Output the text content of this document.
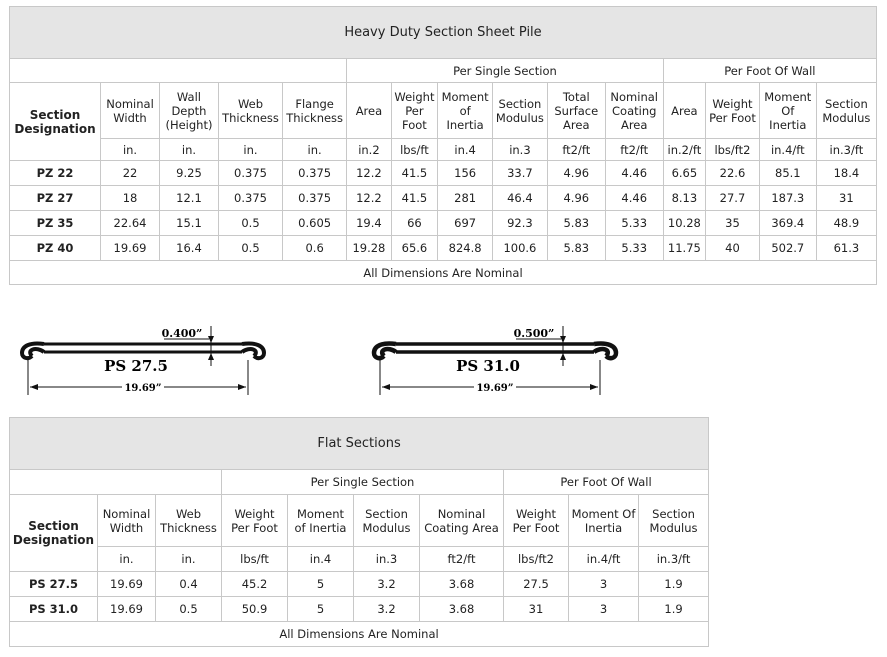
Heavy Duty Section Sheet Pile														
					Per Single Section						Per Foot Of Wall			
Section Designation	Nominal Width	Wall Depth (Height)	Web Thickness	Flange Thickness	Area	Weight Per Foot	Moment of Inertia	Section Modulus	Total Surface Area	Nominal Coating Area	Area	Weight Per Foot	Moment Of Inertia	Section Modulus
	in.	in.	in.	in.	in.2	lbs/ft	in.4	in.3	ft2/ft	ft2/ft	in.2/ft	lbs/ft2	in.4/ft	in.3/ft
PZ 22	22	9.25	0.375	0.375	12.2	41.5	156	33.7	4.96	4.46	6.65	22.6	85.1	18.4
PZ 27	18	12.1	0.375	0.375	12.2	41.5	281	46.4	4.96	4.46	8.13	27.7	187.3	31
PZ 35	22.64	15.1	0.5	0.605	19.4	66	697	92.3	5.83	5.33	10.28	35	369.4	48.9
PZ 40	19.69	16.4	0.5	0.6	19.28	65.6	824.8	100.6	5.83	5.33	11.75	40	502.7	61.3
All Dimensions Are Nominal														
0.400”
PS 27.5
19.69”
0.500”
PS 31.0
19.69”
Flat Sections									
			Per Single Section				Per Foot Of Wall		
Section Designation	Nominal Width	Web Thickness	Weight Per Foot	Moment of Inertia	Section Modulus	Nominal Coating Area	Weight Per Foot	Moment Of Inertia	Section Modulus
	in.	in.	lbs/ft	in.4	in.3	ft2/ft	lbs/ft2	in.4/ft	in.3/ft
PS 27.5	19.69	0.4	45.2	5	3.2	3.68	27.5	3	1.9
PS 31.0	19.69	0.5	50.9	5	3.2	3.68	31	3	1.9
All Dimensions Are Nominal									
